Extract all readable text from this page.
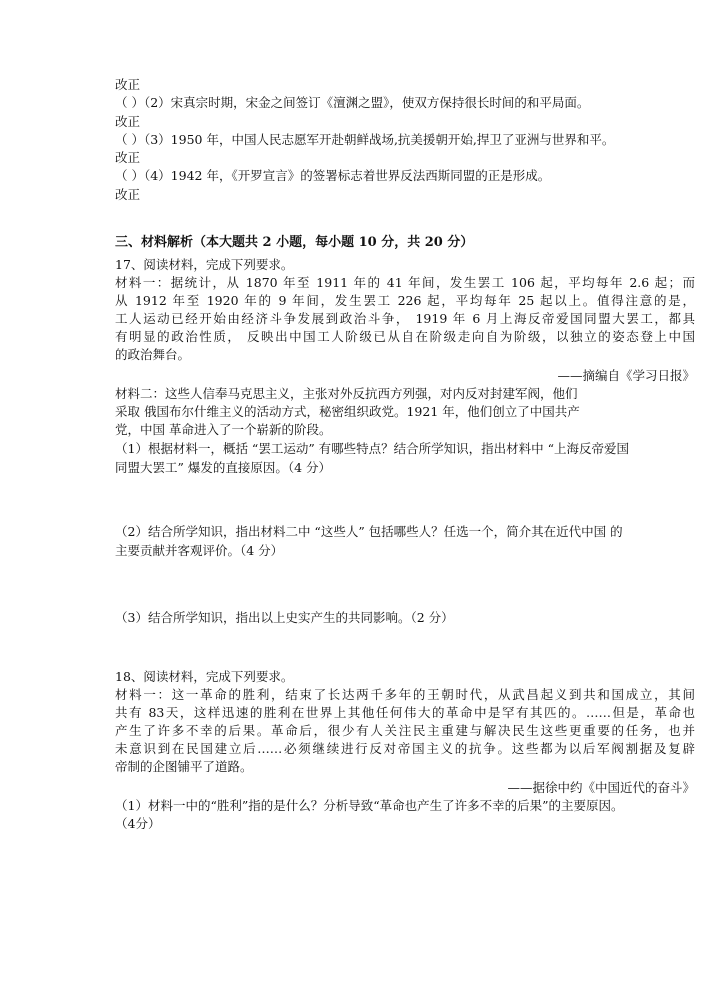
改正
（ ）（2）宋真宗时期，宋金之间签订《澶渊之盟》，使双方保持很长时间的和平局面。
改正
（ ）（3）1950 年，中国人民志愿军开赴朝鲜战场,抗美援朝开始,捍卫了亚洲与世界和平。
改正
（ ）（4）1942 年，《开罗宣言》的签署标志着世界反法西斯同盟的正是形成。
改正
三、材料解析（本大题共 2 小题，每小题 10 分，共 20 分）
17、阅读材料，完成下列要求。
材料一：据统计，从 1870 年至 1911 年的 41 年间，发生罢工 106 起，平均每年 2.6 起；而
从 1912 年至 1920 年的 9 年间，发生罢工 226 起，平均每年 25 起以上。值得注意的是，
工人运动已经开始由经济斗争发展到政治斗争， 1919 年 6 月上海反帝爱国同盟大罢工，都具
有明显的政治性质， 反映出中国工人阶级已从自在阶级走向自为阶级，以独立的姿态登上中国
的政治舞台。
——摘编自《学习日报》
材料二：这些人信奉马克思主义，主张对外反抗西方列强，对内反对封建军阀，他们
采取 俄国布尔什维主义的活动方式，秘密组织政党。1921 年，他们创立了中国共产
党，中国 革命进入了一个崭新的阶段。
（1）根据材料一，概括 “罢工运动” 有哪些特点？结合所学知识，指出材料中 “上海反帝爱国
同盟大罢工” 爆发的直接原因。（4 分）
（2）结合所学知识，指出材料二中 “这些人” 包括哪些人？任选一个，简介其在近代中国 的
主要贡献并客观评价。（4 分）
（3）结合所学知识，指出以上史实产生的共同影响。（2 分）
18、阅读材料，完成下列要求。
材料一：这一革命的胜利，结束了长达两千多年的王朝时代，从武昌起义到共和国成立，其间
共有 83天，这样迅速的胜利在世界上其他任何伟大的革命中是罕有其匹的。……但是，革命也
产生了许多不幸的后果。革命后，很少有人关注民主重建与解决民生这些更重要的任务，也并
未意识到在民国建立后……必须继续进行反对帝国主义的抗争。这些都为以后军阀割据及复辟
帝制的企图铺平了道路。
——据徐中约《中国近代的奋斗》
（1）材料一中的“胜利”指的是什么？分析导致“革命也产生了许多不幸的后果”的主要原因。
（4分）
